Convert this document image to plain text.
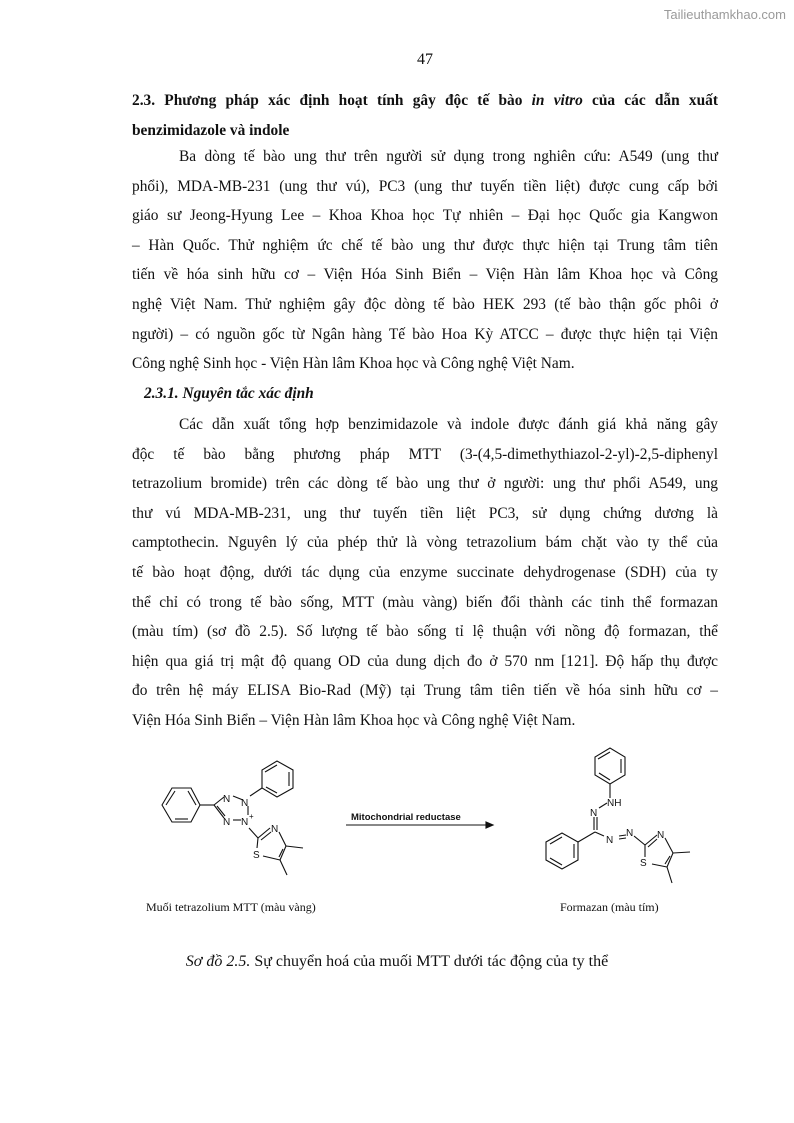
Tailieuthamkhao.com
47
2.3. Phương pháp xác định hoạt tính gây độc tế bào in vitro của các dẫn xuất
benzimidazole và indole

Ba dòng tế bào ung thư trên người sử dụng trong nghiên cứu: A549 (ung thư
phổi), MDA-MB-231 (ung thư vú), PC3 (ung thư tuyến tiền liệt) được cung cấp bởi
giáo sư Jeong-Hyung Lee – Khoa Khoa học Tự nhiên – Đại học Quốc gia Kangwon
– Hàn Quốc. Thử nghiệm ức chế tế bào ung thư được thực hiện tại Trung tâm tiên
tiến về hóa sinh hữu cơ – Viện Hóa Sinh Biển – Viện Hàn lâm Khoa học và Công
nghệ Việt Nam. Thử nghiệm gây độc dòng tế bào HEK 293 (tế bào thận gốc phôi ở
người) – có nguồn gốc từ Ngân hàng Tế bào Hoa Kỳ ATCC – được thực hiện tại Viện
Công nghệ Sinh học - Viện Hàn lâm Khoa học và Công nghệ Việt Nam.

2.3.1. Nguyên tắc xác định

Các dẫn xuất tổng hợp benzimidazole và indole được đánh giá khả năng gây
độc tế bào bằng phương pháp MTT (3-(4,5-dimethythiazol-2-yl)-2,5-diphenyl
tetrazolium bromide) trên các dòng tế bào ung thư ở người: ung thư phổi A549, ung
thư vú MDA-MB-231, ung thư tuyến tiền liệt PC3, sử dụng chứng dương là
camptothecin. Nguyên lý của phép thử là vòng tetrazolium bám chặt vào ty thể của
tế bào hoạt động, dưới tác dụng của enzyme succinate dehydrogenase (SDH) của ty
thể chỉ có trong tế bào sống, MTT (màu vàng) biến đổi thành các tinh thể formazan
(màu tím) (sơ đồ 2.5). Số lượng tế bào sống tỉ lệ thuận với nồng độ formazan, thể
hiện qua giá trị mật độ quang OD của dung dịch đo ở 570 nm [121]. Độ hấp thụ được
đo trên hệ máy ELISA Bio-Rad (Mỹ) tại Trung tâm tiên tiến về hóa sinh hữu cơ –
Viện Hóa Sinh Biển – Viện Hàn lâm Khoa học và Công nghệ Việt Nam.

N N
N N
+
N
S
Mitochondrial reductase
NH
N
N
N N
S
Muối tetrazolium MTT (màu vàng)	Formazan (màu tím)
Sơ đồ 2.5. Sự chuyển hoá của muối MTT dưới tác động của ty thể
